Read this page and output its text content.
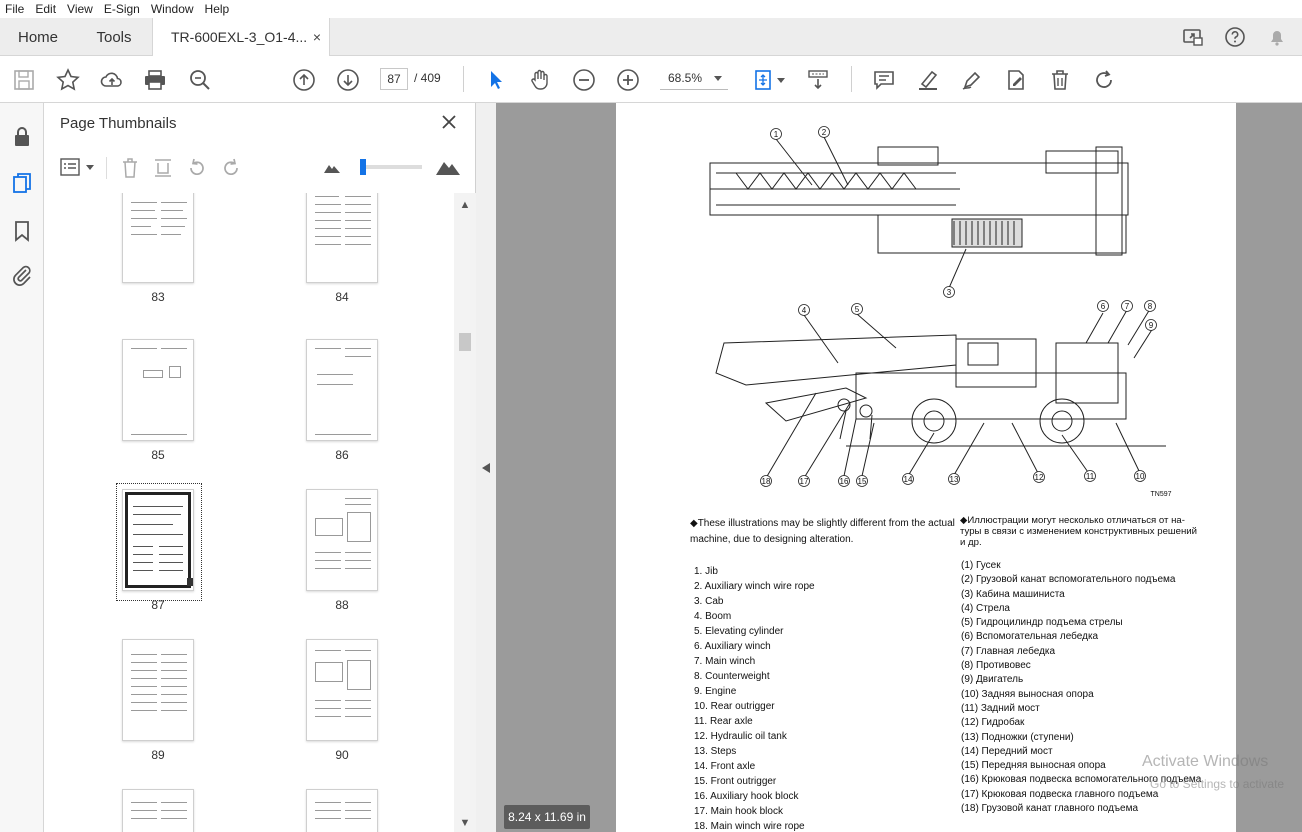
File Edit View E-Sign Window Help
Home	Tools	TR-600EXL-3_O1-4... ×
87	/ 409	68.5%
Page Thumbnails
83	84
85	86
87	88
89	90
▲
▼
1	2
3
4	5	6 7 8
9
18	17	16 15	14	13	12	11	10
TN597
◆These illustrations may be slightly different from the actual
machine, due to designing alteration.
◆Иллюстрации могут несколько отличаться от на-
туры в связи с изменением конструктивных решений
и др.
1. Jib
2. Auxiliary winch wire rope
3. Cab
4. Boom
5. Elevating cylinder
6. Auxiliary winch
7. Main winch
8. Counterweight
9. Engine
10. Rear outrigger
11. Rear axle
12. Hydraulic oil tank
13. Steps
14. Front axle
15. Front outrigger
16. Auxiliary hook block
17. Main hook block
18. Main winch wire rope
(1) Гусек
(2) Грузовой канат вспомогательного подъема
(3) Кабина машиниста
(4) Стрела
(5) Гидроцилиндр подъема стрелы
(6) Вспомогательная лебедка
(7) Главная лебедка
(8) Противовес
(9) Двигатель
(10) Задняя выносная опора
(11) Задний мост
(12) Гидробак
(13) Подножки (ступени)
(14) Передний мост
(15) Передняя выносная опора
(16) Крюковая подвеска вспомогательного подъема
(17) Крюковая подвеска главного подъема
(18) Грузовой канат главного подъема
8.24 x 11.69 in
Activate Windows
Go to Settings to activate
